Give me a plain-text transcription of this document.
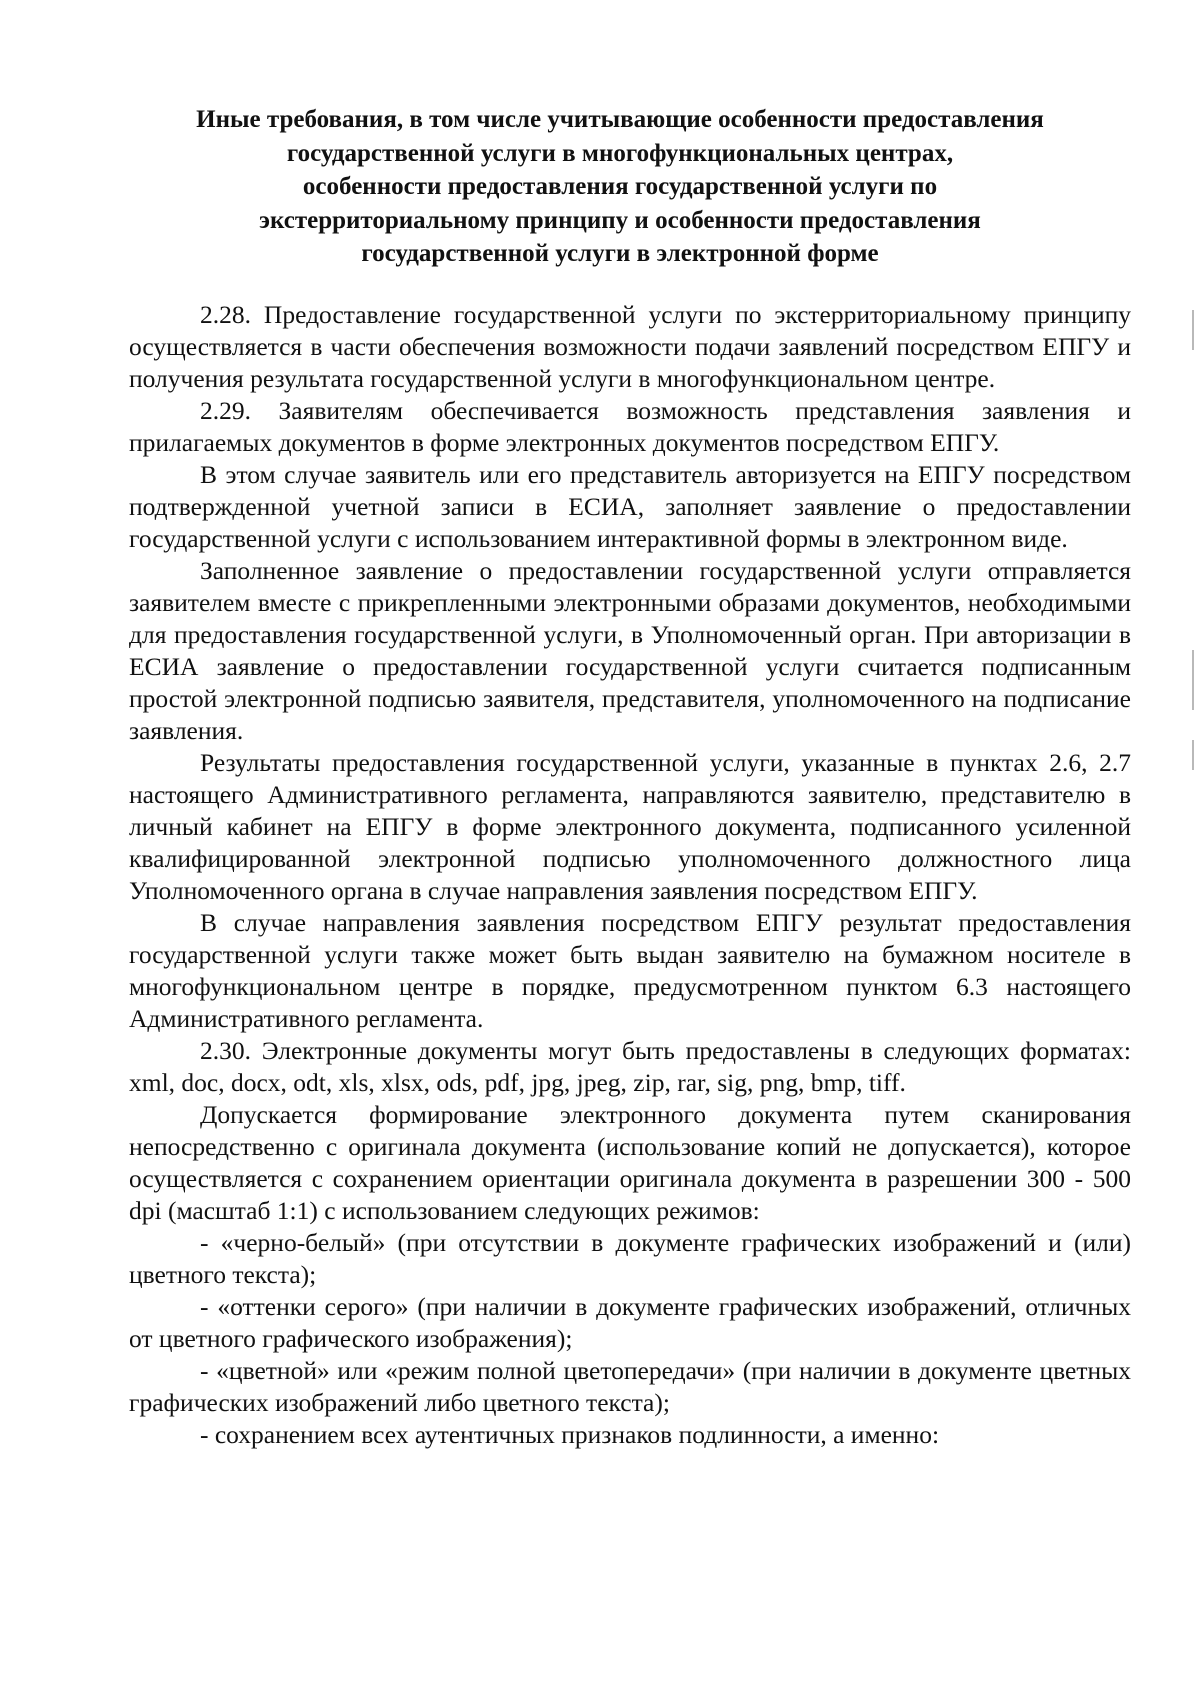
Иные требования, в том числе учитывающие особенности предоставления
государственной услуги в многофункциональных центрах,
особенности предоставления государственной услуги по
экстерриториальному принципу и особенности предоставления
государственной услуги в электронной форме

2.28. Предоставление государственной услуги по экстерриториальному принципу осуществляется в части обеспечения возможности подачи заявлений посредством ЕПГУ и получения результата государственной услуги в многофункциональном центре.

2.29. Заявителям обеспечивается возможность представления заявления и прилагаемых документов в форме электронных документов посредством ЕПГУ.

В этом случае заявитель или его представитель авторизуется на ЕПГУ посредством подтвержденной учетной записи в ЕСИА, заполняет заявление о предоставлении государственной услуги с использованием интерактивной формы в электронном виде.

Заполненное заявление о предоставлении государственной услуги отправляется заявителем вместе с прикрепленными электронными образами документов, необходимыми для предоставления государственной услуги, в Уполномоченный орган. При авторизации в ЕСИА заявление о предоставлении государственной услуги считается подписанным простой электронной подписью заявителя, представителя, уполномоченного на подписание заявления.

Результаты предоставления государственной услуги, указанные в пунктах 2.6, 2.7 настоящего Административного регламента, направляются заявителю, представителю в личный кабинет на ЕПГУ в форме электронного документа, подписанного усиленной квалифицированной электронной подписью уполномоченного должностного лица Уполномоченного органа в случае направления заявления посредством ЕПГУ.

В случае направления заявления посредством ЕПГУ результат предоставления государственной услуги также может быть выдан заявителю на бумажном носителе в многофункциональном центре в порядке, предусмотренном пунктом 6.3 настоящего Административного регламента.

2.30. Электронные документы могут быть предоставлены в следующих форматах: xml, doc, docx, odt, xls, xlsx, ods, pdf, jpg, jpeg, zip, rar, sig, png, bmp, tiff.

Допускается формирование электронного документа путем сканирования непосредственно с оригинала документа (использование копий не допускается), которое осуществляется с сохранением ориентации оригинала документа в разрешении 300 - 500 dpi (масштаб 1:1) с использованием следующих режимов:

- «черно-белый» (при отсутствии в документе графических изображений и (или) цветного текста);

- «оттенки серого» (при наличии в документе графических изображений, отличных от цветного графического изображения);

- «цветной» или «режим полной цветопередачи» (при наличии в документе цветных графических изображений либо цветного текста);

- сохранением всех аутентичных признаков подлинности, а именно:
